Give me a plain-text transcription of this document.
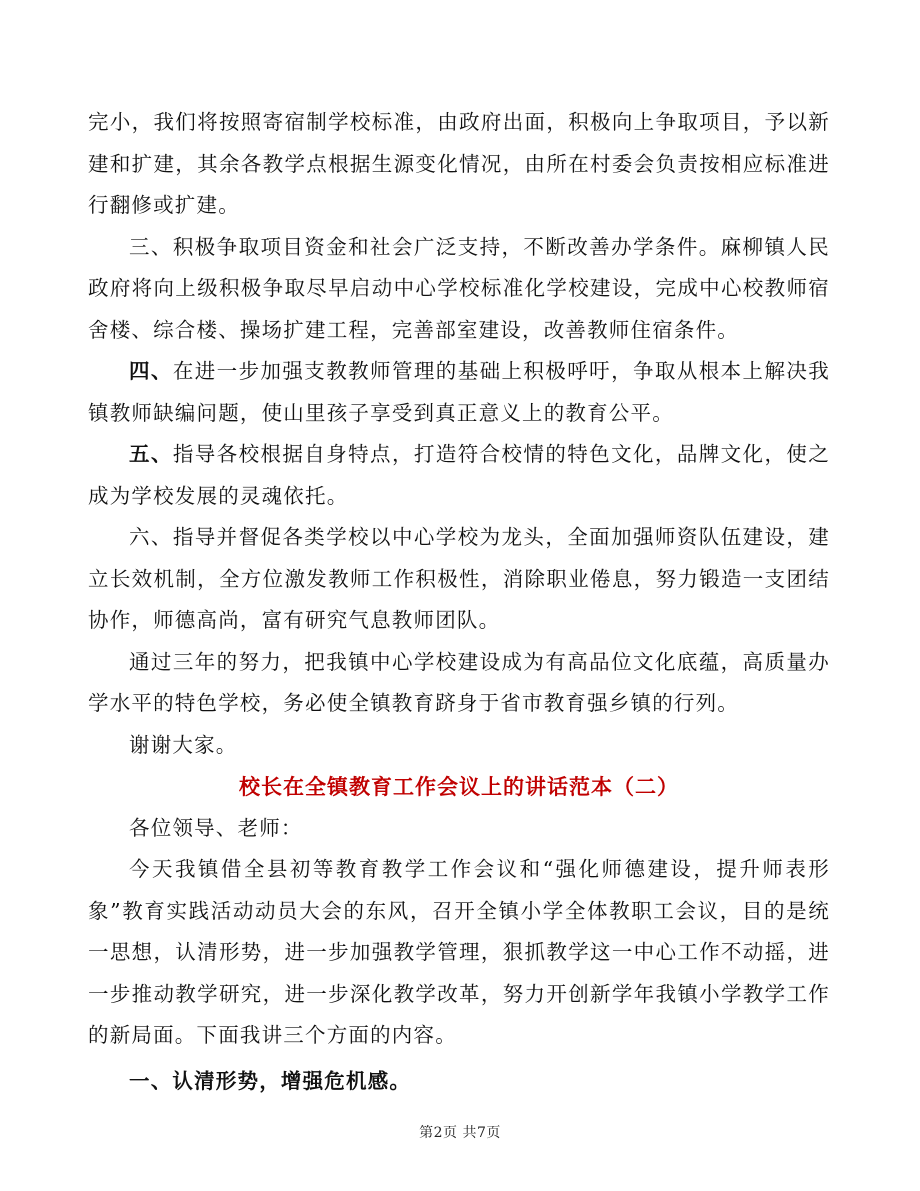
完小，我们将按照寄宿制学校标准，由政府出面，积极向上争取项目，予以新建和扩建，其余各教学点根据生源变化情况，由所在村委会负责按相应标准进行翻修或扩建。

三、积极争取项目资金和社会广泛支持，不断改善办学条件。麻柳镇人民政府将向上级积极争取尽早启动中心学校标准化学校建设，完成中心校教师宿舍楼、综合楼、操场扩建工程，完善部室建设，改善教师住宿条件。

四、在进一步加强支教教师管理的基础上积极呼吁，争取从根本上解决我镇教师缺编问题，使山里孩子享受到真正意义上的教育公平。

五、指导各校根据自身特点，打造符合校情的特色文化，品牌文化，使之成为学校发展的灵魂依托。

六、指导并督促各类学校以中心学校为龙头，全面加强师资队伍建设，建立长效机制，全方位激发教师工作积极性，消除职业倦息，努力锻造一支团结协作，师德高尚，富有研究气息教师团队。

通过三年的努力，把我镇中心学校建设成为有高品位文化底蕴，高质量办学水平的特色学校，务必使全镇教育跻身于省市教育强乡镇的行列。

谢谢大家。

校长在全镇教育工作会议上的讲话范本（二）

各位领导、老师：

今天我镇借全县初等教育教学工作会议和“强化师德建设，提升师表形象”教育实践活动动员大会的东风，召开全镇小学全体教职工会议，目的是统一思想，认清形势，进一步加强教学管理，狠抓教学这一中心工作不动摇，进一步推动教学研究，进一步深化教学改革，努力开创新学年我镇小学教学工作的新局面。下面我讲三个方面的内容。

一、认清形势，增强危机感。

第2页 共7页
